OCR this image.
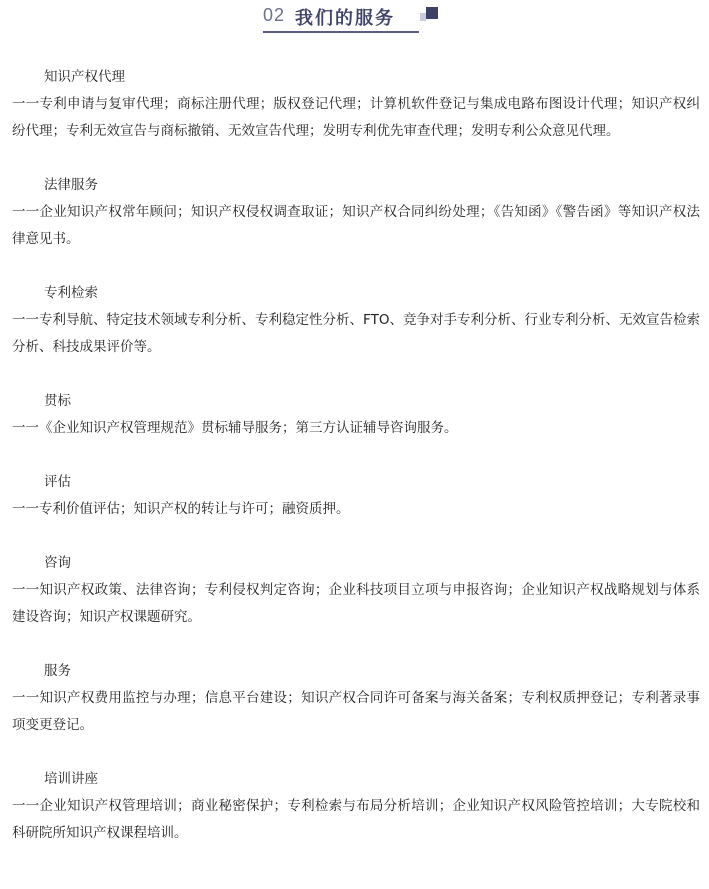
02 我们的服务
知识产权代理
一一专利申请与复审代理；商标注册代理；版权登记代理；计算机软件登记与集成电路布图设计代理；知识产权纠纷代理；专利无效宣告与商标撤销、无效宣告代理；发明专利优先审查代理；发明专利公众意见代理。
法律服务
一一企业知识产权常年顾问；知识产权侵权调查取证；知识产权合同纠纷处理；《告知函》《警告函》等知识产权法律意见书。
专利检索
一一专利导航、特定技术领域专利分析、专利稳定性分析、FTO、竞争对手专利分析、行业专利分析、无效宣告检索分析、科技成果评价等。
贯标
一一《企业知识产权管理规范》贯标辅导服务；第三方认证辅导咨询服务。
评估
一一专利价值评估；知识产权的转让与许可；融资质押。
咨询
一一知识产权政策、法律咨询；专利侵权判定咨询；企业科技项目立项与申报咨询；企业知识产权战略规划与体系建设咨询；知识产权课题研究。
服务
一一知识产权费用监控与办理；信息平台建设；知识产权合同许可备案与海关备案；专利权质押登记；专利著录事项变更登记。
培训讲座
一一企业知识产权管理培训；商业秘密保护；专利检索与布局分析培训；企业知识产权风险管控培训；大专院校和科研院所知识产权课程培训。
